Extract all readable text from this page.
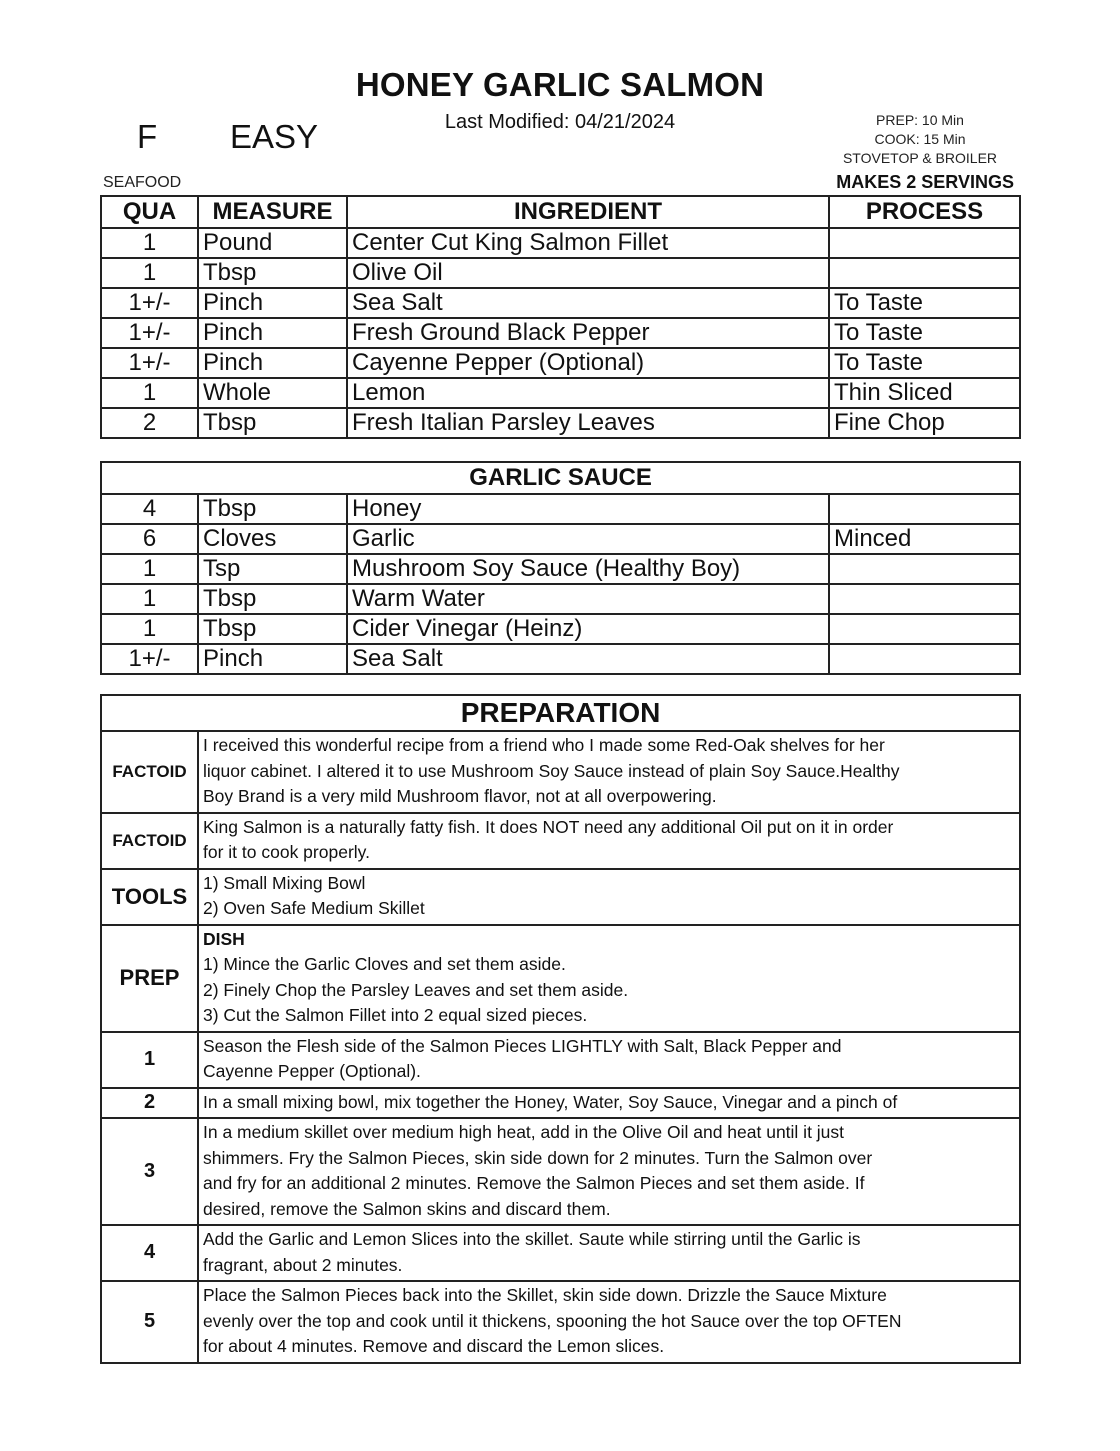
HONEY GARLIC SALMON
Last Modified: 04/21/2024
F EASY	PREP: 10 Min
COOK: 15 Min
STOVETOP & BROILER
SEAFOOD	MAKES 2 SERVINGS
QUA	MEASURE	INGREDIENT	PROCESS
1	Pound	Center Cut King Salmon Fillet	
1	Tbsp	Olive Oil	
1+/-	Pinch	Sea Salt	To Taste
1+/-	Pinch	Fresh Ground Black Pepper	To Taste
1+/-	Pinch	Cayenne Pepper (Optional)	To Taste
1	Whole	Lemon	Thin Sliced
2	Tbsp	Fresh Italian Parsley Leaves	Fine Chop
GARLIC SAUCE			
4	Tbsp	Honey	
6	Cloves	Garlic	Minced
1	Tsp	Mushroom Soy Sauce (Healthy Boy)	
1	Tbsp	Warm Water	
1	Tbsp	Cider Vinegar (Heinz)	
1+/-	Pinch	Sea Salt	
PREPARATION	
FACTOID	I received this wonderful recipe from a friend who I made some Red-Oak shelves for her
liquor cabinet. I altered it to use Mushroom Soy Sauce instead of plain Soy Sauce.Healthy
Boy Brand is a very mild Mushroom flavor, not at all overpowering.

FACTOID	King Salmon is a naturally fatty fish. It does NOT need any additional Oil put on it in order
for it to cook properly.

TOOLS	1) Small Mixing Bowl
2) Oven Safe Medium Skillet

PREP	DISH
1) Mince the Garlic Cloves and set them aside.
2) Finely Chop the Parsley Leaves and set them aside.
3) Cut the Salmon Fillet into 2 equal sized pieces.

1	Season the Flesh side of the Salmon Pieces LIGHTLY with Salt, Black Pepper and
Cayenne Pepper (Optional).

2	In a small mixing bowl, mix together the Honey, Water, Soy Sauce, Vinegar and a pinch of

3	In a medium skillet over medium high heat, add in the Olive Oil and heat until it just
shimmers. Fry the Salmon Pieces, skin side down for 2 minutes. Turn the Salmon over
and fry for an additional 2 minutes. Remove the Salmon Pieces and set them aside. If
desired, remove the Salmon skins and discard them.

4	Add the Garlic and Lemon Slices into the skillet. Saute while stirring until the Garlic is
fragrant, about 2 minutes.

5	Place the Salmon Pieces back into the Skillet, skin side down. Drizzle the Sauce Mixture
evenly over the top and cook until it thickens, spooning the hot Sauce over the top OFTEN
for about 4 minutes. Remove and discard the Lemon slices.
